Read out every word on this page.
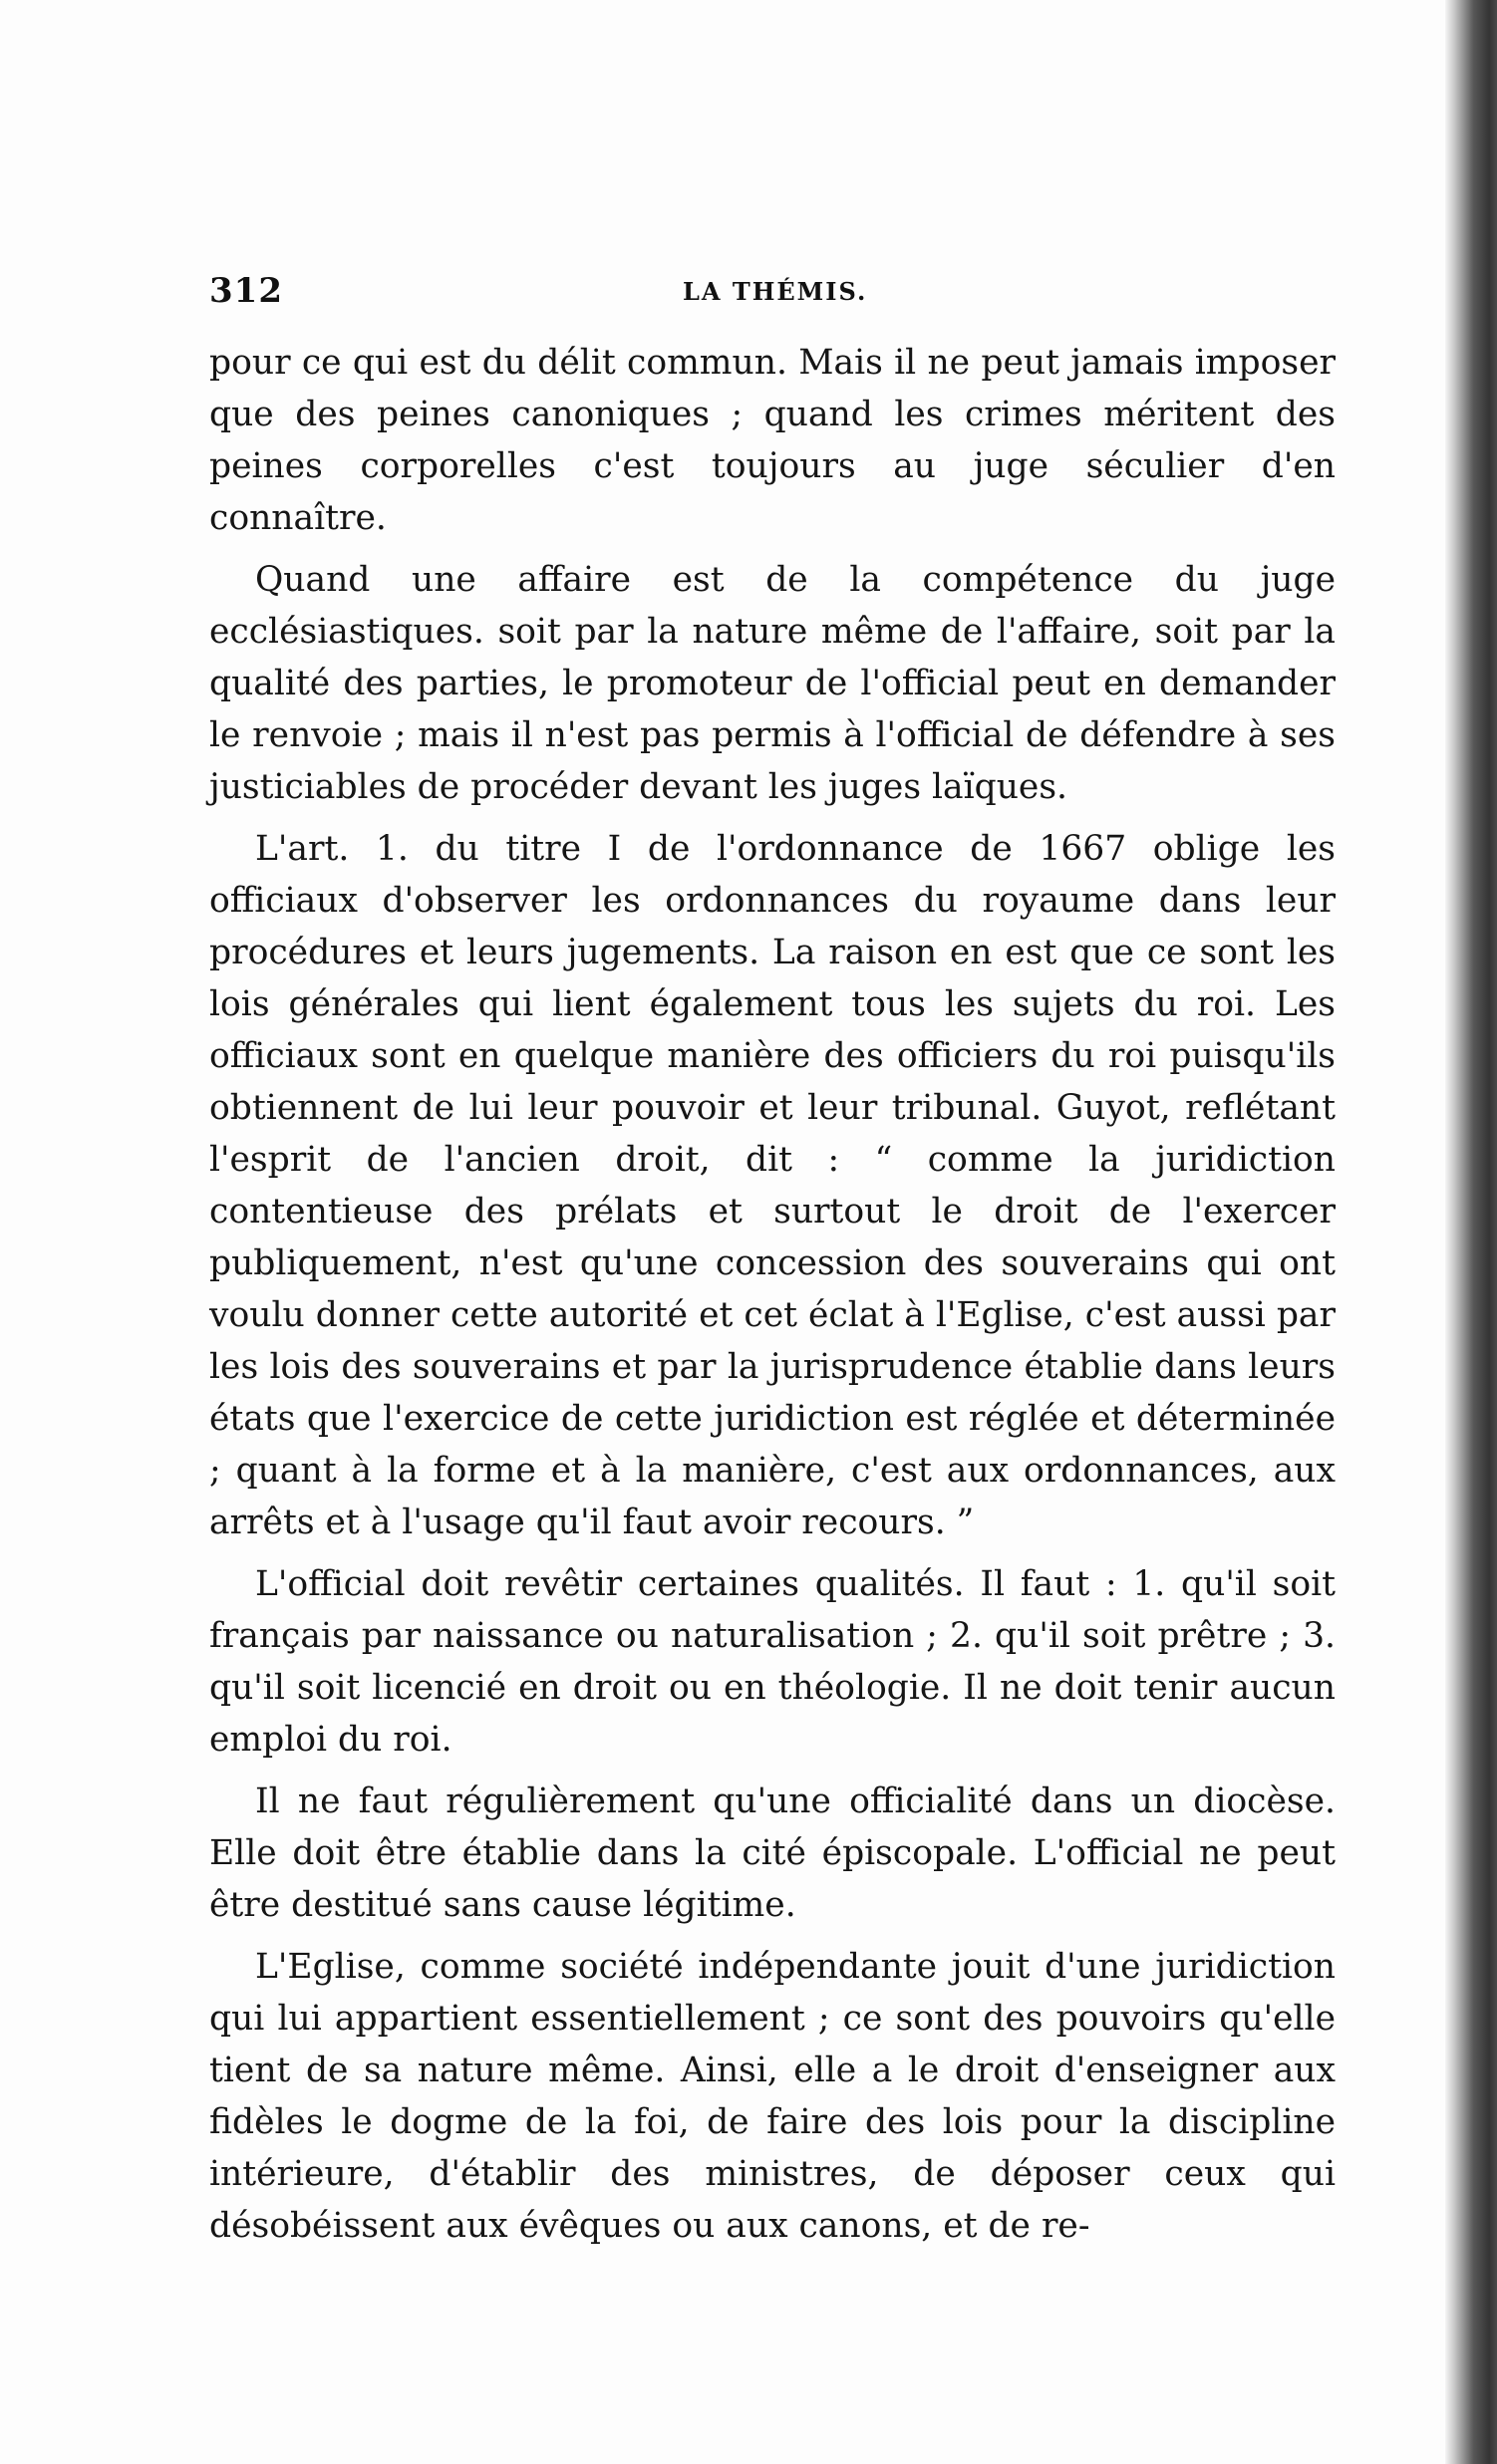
312	LA THÉMIS.

pour ce qui est du délit commun. Mais il ne peut jamais imposer que des peines canoniques ; quand les crimes méritent des peines corporelles c'est toujours au juge séculier d'en connaître.

Quand une affaire est de la compétence du juge ecclésiastiques. soit par la nature même de l'affaire, soit par la qualité des parties, le promoteur de l'official peut en demander le renvoie ; mais il n'est pas permis à l'official de défendre à ses justiciables de procéder devant les juges laïques.

L'art. 1. du titre I de l'ordonnance de 1667 oblige les officiaux d'observer les ordonnances du royaume dans leur procédures et leurs jugements. La raison en est que ce sont les lois générales qui lient également tous les sujets du roi. Les officiaux sont en quelque manière des officiers du roi puisqu'ils obtiennent de lui leur pouvoir et leur tribunal. Guyot, reflétant l'esprit de l'ancien droit, dit : “ comme la juridiction contentieuse des prélats et surtout le droit de l'exercer publiquement, n'est qu'une concession des souverains qui ont voulu donner cette autorité et cet éclat à l'Eglise, c'est aussi par les lois des souverains et par la jurisprudence établie dans leurs états que l'exercice de cette juridiction est réglée et déterminée ; quant à la forme et à la manière, c'est aux ordonnances, aux arrêts et à l'usage qu'il faut avoir recours. ”

L'official doit revêtir certaines qualités. Il faut : 1. qu'il soit français par naissance ou naturalisation ; 2. qu'il soit prêtre ; 3. qu'il soit licencié en droit ou en théologie. Il ne doit tenir aucun emploi du roi.

Il ne faut régulièrement qu'une officialité dans un diocèse. Elle doit être établie dans la cité épiscopale. L'official ne peut être destitué sans cause légitime.

L'Eglise, comme société indépendante jouit d'une juridiction qui lui appartient essentiellement ; ce sont des pouvoirs qu'elle tient de sa nature même. Ainsi, elle a le droit d'enseigner aux fidèles le dogme de la foi, de faire des lois pour la discipline intérieure, d'établir des ministres, de déposer ceux qui désobéissent aux évêques ou aux canons, et de re-
